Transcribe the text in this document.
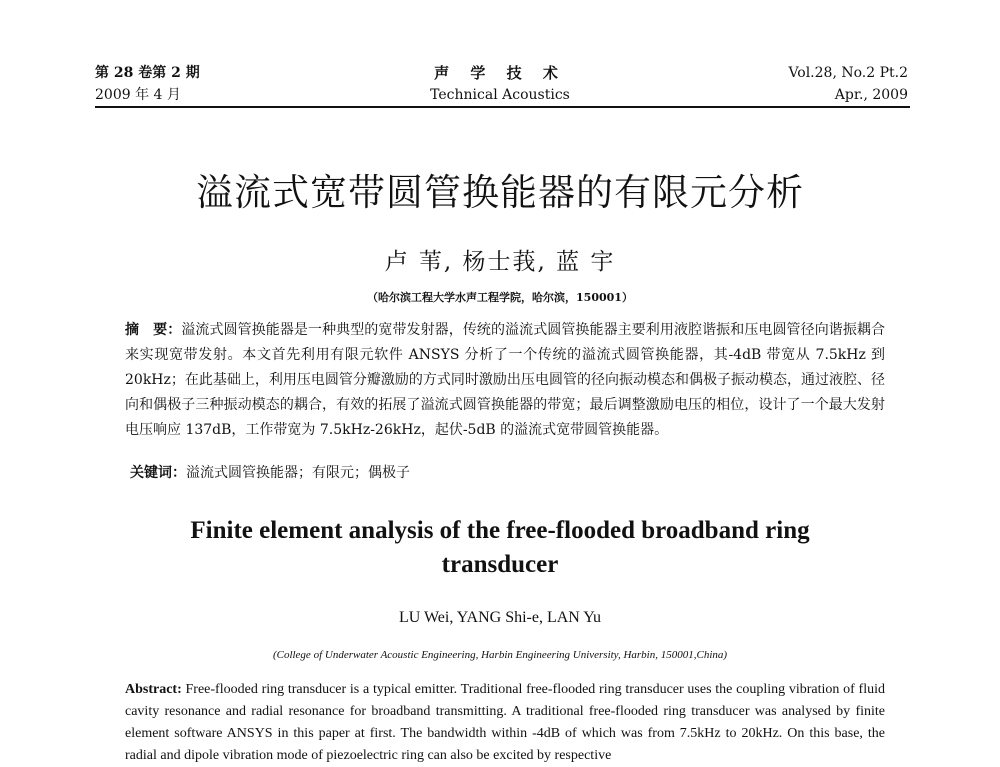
第 28 卷第 2 期
2009 年 4 月
声 学 技 术
Technical Acoustics
Vol.28, No.2 Pt.2
Apr., 2009
溢流式宽带圆管换能器的有限元分析
卢 苇, 杨士莪, 蓝 宇
（哈尔滨工程大学水声工程学院，哈尔滨，150001）
摘　要：溢流式圆管换能器是一种典型的宽带发射器，传统的溢流式圆管换能器主要利用液腔谐振和压电圆管径向谐振耦合来实现宽带发射。本文首先利用有限元软件 ANSYS 分析了一个传统的溢流式圆管换能器，其-4dB 带宽从 7.5kHz 到 20kHz；在此基础上，利用压电圆管分瓣激励的方式同时激励出压电圆管的径向振动模态和偶极子振动模态，通过液腔、径向和偶极子三种振动模态的耦合，有效的拓展了溢流式圆管换能器的带宽；最后调整激励电压的相位，设计了一个最大发射电压响应 137dB，工作带宽为 7.5kHz-26kHz，起伏-5dB 的溢流式宽带圆管换能器。
关键词：溢流式圆管换能器；有限元；偶极子
Finite element analysis of the free-flooded broadband ring transducer
LU Wei, YANG Shi-e, LAN Yu
(College of Underwater Acoustic Engineering, Harbin Engineering University, Harbin, 150001,China)
Abstract: Free-flooded ring transducer is a typical emitter. Traditional free-flooded ring transducer uses the coupling vibration of fluid cavity resonance and radial resonance for broadband transmitting. A traditional free-flooded ring transducer was analysed by finite element software ANSYS in this paper at first. The bandwidth within -4dB of which was from 7.5kHz to 20kHz. On this base, the radial and dipole vibration mode of piezoelectric ring can also be excited by respective
